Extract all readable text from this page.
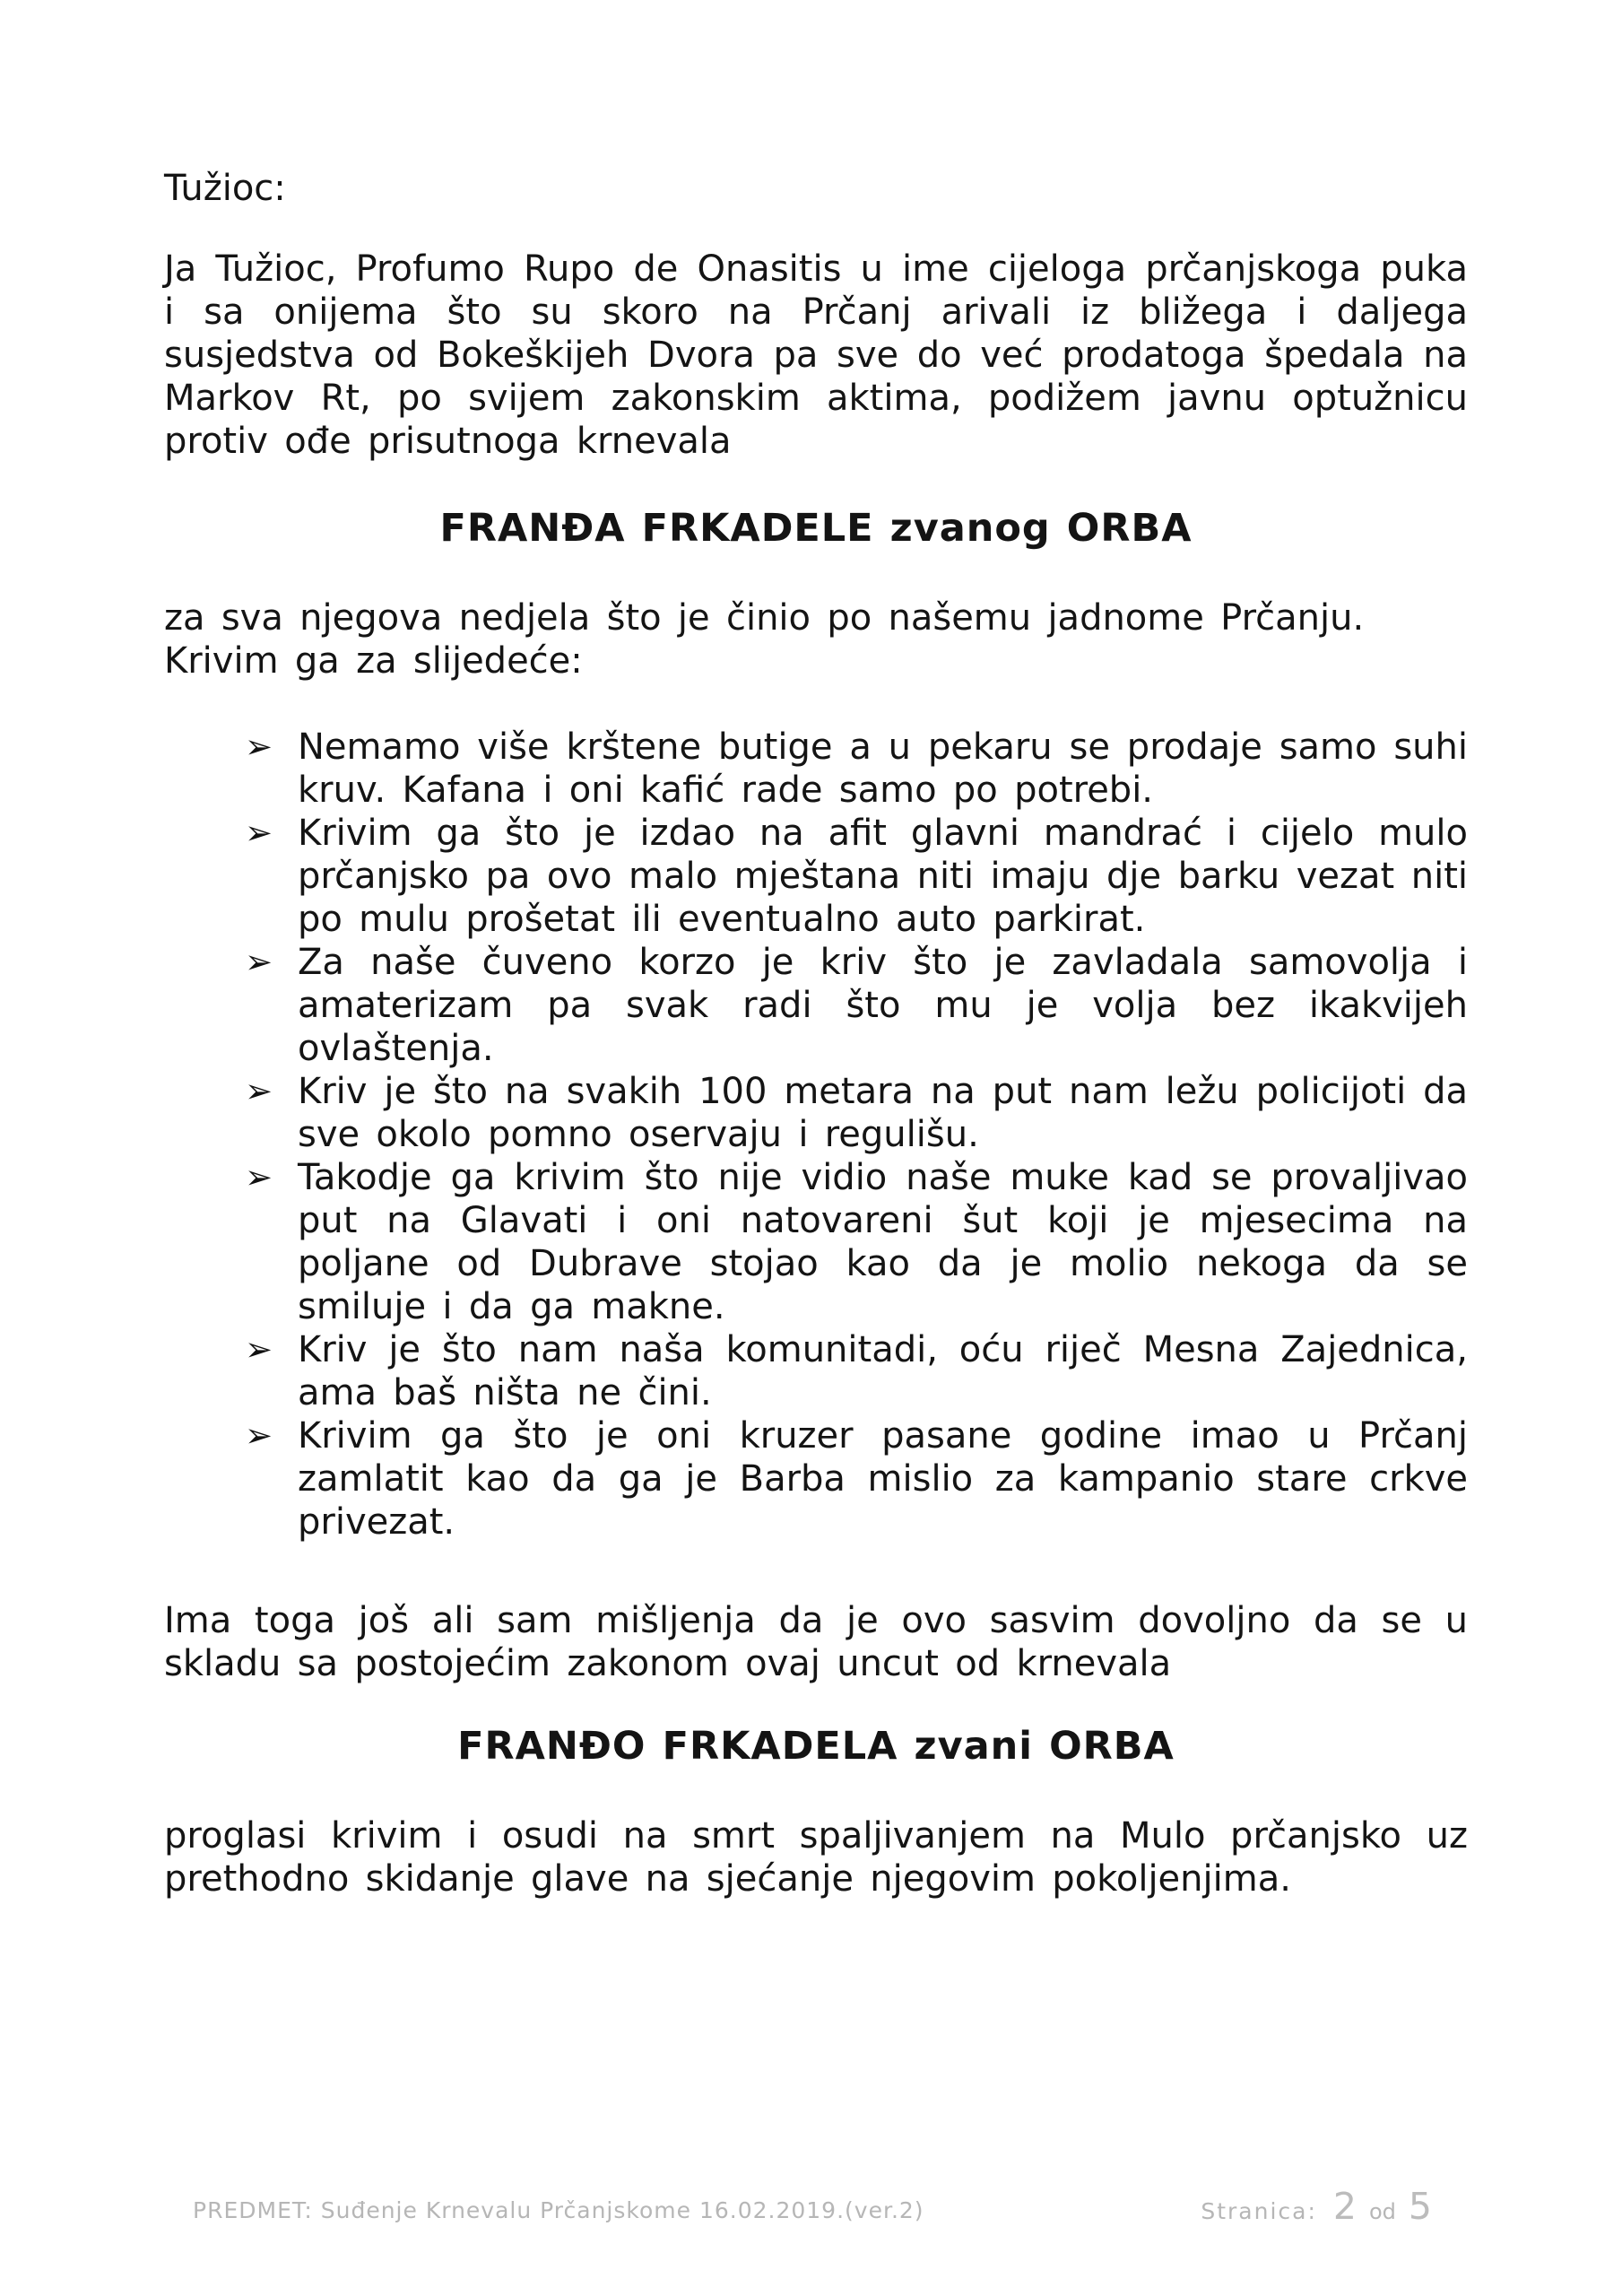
Tužioc:

Ja Tužioc, Profumo Rupo de Onasitis u ime cijeloga prčanjskoga puka i sa onijema što su skoro na Prčanj arivali iz bližega i daljega susjedstva od Bokeškijeh Dvora pa sve do već prodatoga špedala na Markov Rt, po svijem zakonskim aktima, podižem javnu optužnicu protiv ođe prisutnoga krnevala

FRANĐA FRKADELE zvanog ORBA

za sva njegova nedjela što je činio po našemu jadnome Prčanju.

Krivim ga za slijedeće:

➢ Nemamo više krštene butige a u pekaru se prodaje samo suhi kruv. Kafana i oni kafić rade samo po potrebi.
➢ Krivim ga što je izdao na afit glavni mandrać i cijelo mulo prčanjsko pa ovo malo mještana niti imaju dje barku vezat niti po mulu prošetat ili eventualno auto parkirat.
➢ Za naše čuveno korzo je kriv što je zavladala samovolja i amaterizam pa svak radi što mu je volja bez ikakvijeh ovlaštenja.
➢ Kriv je što na svakih 100 metara na put nam ležu policijoti da sve okolo pomno oservaju i regulišu.
➢ Takodje ga krivim što nije vidio naše muke kad se provaljivao put na Glavati i oni natovareni šut koji je mjesecima na poljane od Dubrave stojao kao da je molio nekoga da se smiluje i da ga makne.
➢ Kriv je što nam naša komunitadi, oću riječ Mesna Zajednica, ama baš ništa ne čini.
➢ Krivim ga što je oni kruzer pasane godine imao u Prčanj zamlatit kao da ga je Barba mislio za kampanio stare crkve privezat.

Ima toga još ali sam mišljenja da je ovo sasvim dovoljno da se u skladu sa postojećim zakonom ovaj uncut od krnevala

FRANĐO FRKADELA zvani ORBA

proglasi krivim i osudi na smrt spaljivanjem na Mulo prčanjsko uz prethodno skidanje glave na sjećanje njegovim pokoljenjima.

PREDMET: Suđenje Krnevalu Prčanjskome 16.02.2019.(ver.2)	Stranica: 2 od 5
